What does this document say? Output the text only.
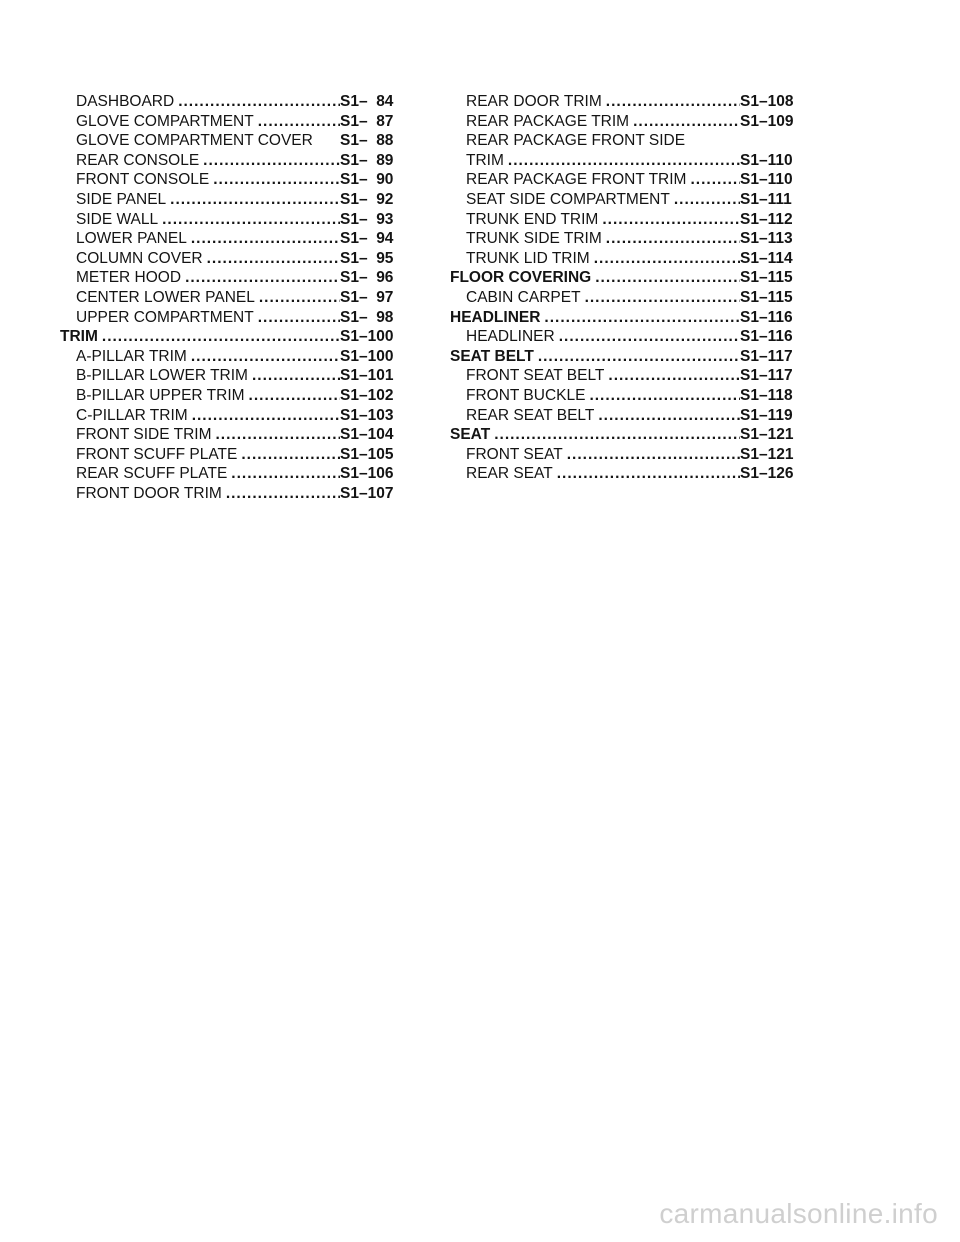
DASHBOARD .....	S1–  84
GLOVE COMPARTMENT .....	S1–  87
GLOVE COMPARTMENT COVER S1–  88
REAR CONSOLE .....	S1–  89
FRONT CONSOLE .....	S1–  90
SIDE PANEL .....	S1–  92
SIDE WALL .....	S1–  93
LOWER PANEL .....	S1–  94
COLUMN COVER .....	S1–  95
METER HOOD .....	S1–  96
CENTER LOWER PANEL .....	S1–  97
UPPER COMPARTMENT .....	S1–  98
TRIM .....	S1–100
A-PILLAR TRIM .....	S1–100
B-PILLAR LOWER TRIM .....	S1–101
B-PILLAR UPPER TRIM .....	S1–102
C-PILLAR TRIM .....	S1–103
FRONT SIDE TRIM .....	S1–104
FRONT SCUFF PLATE .....	S1–105
REAR SCUFF PLATE .....	S1–106
FRONT DOOR TRIM .....	S1–107
REAR DOOR TRIM .....	S1–108
REAR PACKAGE TRIM .....	S1–109
REAR PACKAGE FRONT SIDE
TRIM .....	S1–110
REAR PACKAGE FRONT TRIM .....	S1–110
SEAT SIDE COMPARTMENT .....	S1–111
TRUNK END TRIM .....	S1–112
TRUNK SIDE TRIM .....	S1–113
TRUNK LID TRIM .....	S1–114
FLOOR COVERING .....	S1–115
CABIN CARPET .....	S1–115
HEADLINER .....	S1–116
HEADLINER .....	S1–116
SEAT BELT .....	S1–117
FRONT SEAT BELT .....	S1–117
FRONT BUCKLE .....	S1–118
REAR SEAT BELT .....	S1–119
SEAT .....	S1–121
FRONT SEAT .....	S1–121
REAR SEAT .....	S1–126
carmanualsonline.info
